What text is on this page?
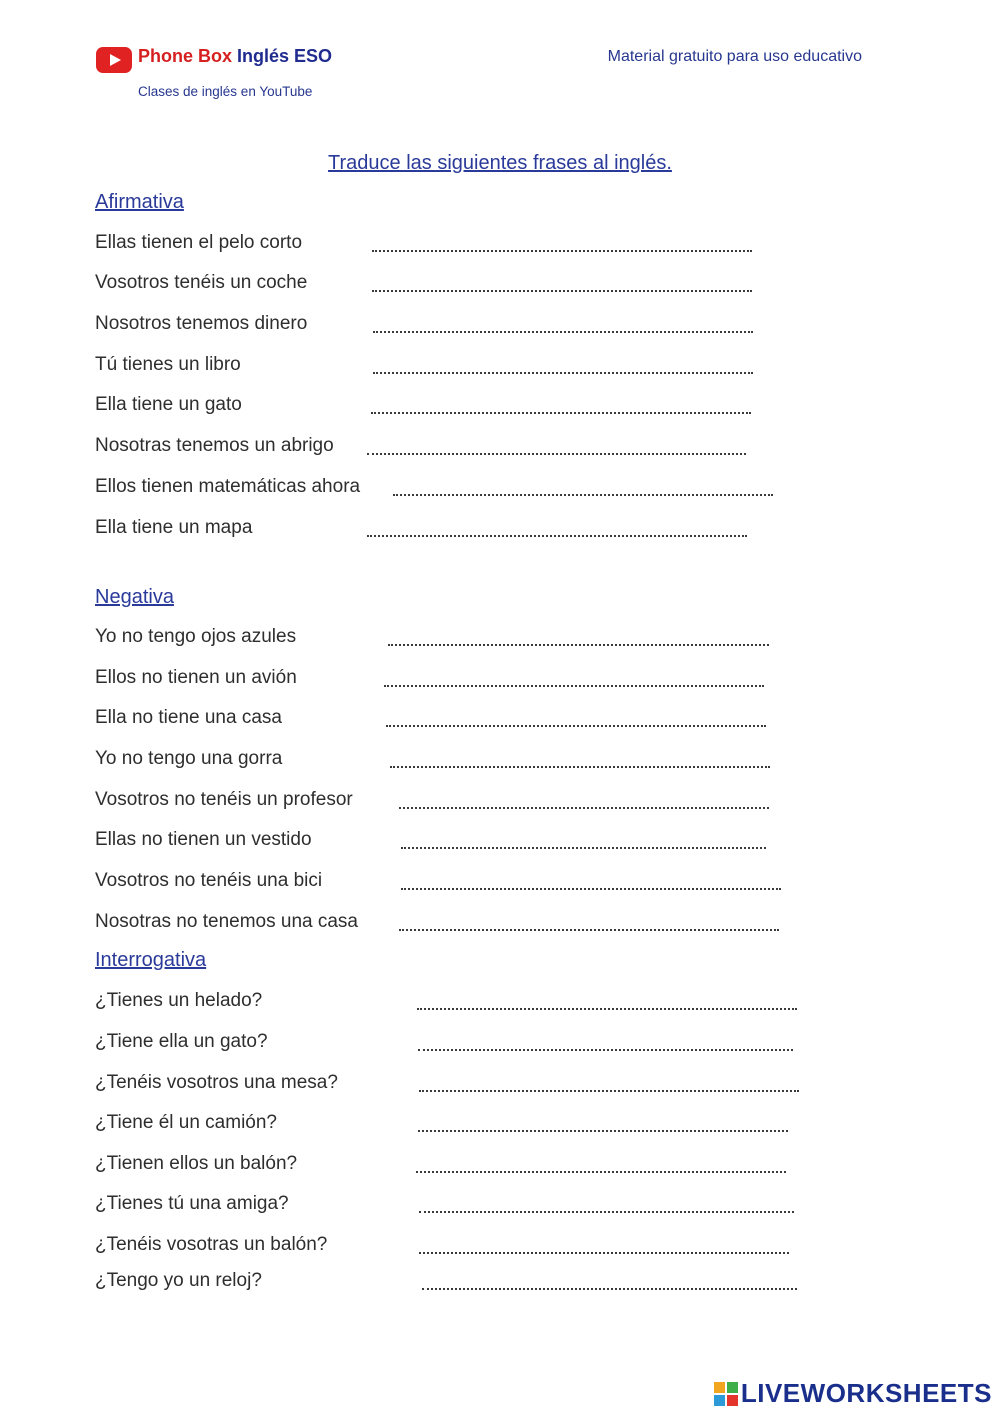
Phone Box Inglés ESO
Clases de inglés en YouTube
Material gratuito para uso educativo
Traduce las siguientes frases al inglés.
Afirmativa
Ellas tienen el pelo corto
Vosotros tenéis un coche
Nosotros tenemos dinero
Tú tienes un libro
Ella tiene un gato
Nosotras tenemos un abrigo
Ellos tienen matemáticas ahora
Ella tiene un mapa
Negativa
Yo no tengo ojos azules
Ellos no tienen un avión
Ella no tiene una casa
Yo no tengo una gorra
Vosotros no tenéis un profesor
Ellas no tienen un vestido
Vosotros no tenéis una bici
Nosotras no tenemos una casa
Interrogativa
¿Tienes un helado?
¿Tiene ella un gato?
¿Tenéis vosotros una mesa?
¿Tiene él un camión?
¿Tienen ellos un balón?
¿Tienes tú una amiga?
¿Tenéis vosotras un balón?
¿Tengo yo un reloj?
LIVEWORKSHEETS
